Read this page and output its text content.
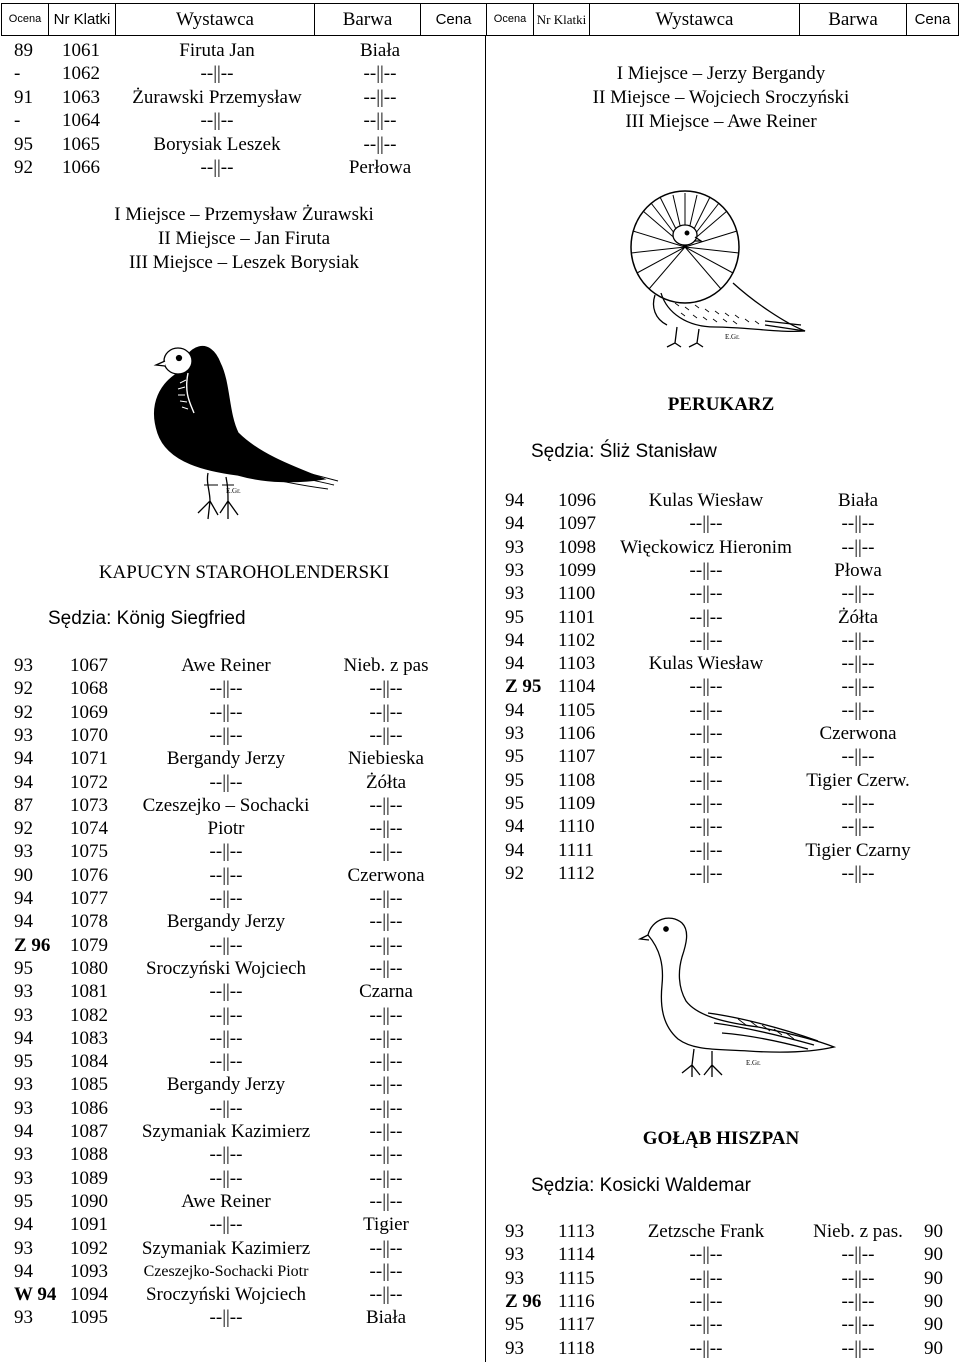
Ocena	Nr Klatki	Wystawca	Barwa	Cena	Ocena	Nr Klatki	Wystawca	Barwa	Cena
89 1061	Firuta Jan	Biała
- 1062	--||--	--||--
91 1063 Żurawski Przemysław	--||--
- 1064	--||--	--||--
95 1065	Borysiak Leszek	--||--
92 1066	--||--	Perłowa
I Miejsce – Przemysław Żurawski
II Miejsce – Jan Firuta
III Miejsce – Leszek Borysiak
I Miejsce – Jerzy Bergandy
II Miejsce – Wojciech Sroczyński
III Miejsce – Awe Reiner
E.Gr.
PERUKARZ
Sędzia: Śliż Stanisław
E.Gr.
KAPUCYN STAROHOLENDERSKI
Sędzia: König Siegfried
93 1067	Awe Reiner	Nieb. z pas
92 1068	--||--	--||--
92 1069	--||--	--||--
93 1070	--||--	--||--
94 1071	Bergandy Jerzy	Niebieska
94 1072	--||--	Żółta
87 1073 Czeszejko – Sochacki	--||--
92 1074	Piotr	--||--
93 1075	--||--	--||--
90 1076	--||--	Czerwona
94 1077	--||--	--||--
94 1078	Bergandy Jerzy	--||--
Z 96 1079	--||--	--||--
95 1080 Sroczyński Wojciech	--||--
93 1081	--||--	Czarna
93 1082	--||--	--||--
94 1083	--||--	--||--
95 1084	--||--	--||--
93 1085	Bergandy Jerzy	--||--
93 1086	--||--	--||--
94 1087 Szymaniak Kazimierz	--||--
93 1088	--||--	--||--
93 1089	--||--	--||--
95 1090	Awe Reiner	--||--
94 1091	--||--	Tigier
93 1092 Szymaniak Kazimierz	--||--
94 1093 Czeszejko-Sochacki Piotr	--||--
W 94 1094 Sroczyński Wojciech	--||--
93 1095	--||--	Biała
94 1096	Kulas Wiesław	Biała
94 1097	--||--	--||--
93 1098 Więckowicz Hieronim	--||--
93 1099	--||--	Płowa
93 1100	--||--	--||--
95 1101	--||--	Żółta
94 1102	--||--	--||--
94 1103	Kulas Wiesław	--||--
Z 95 1104	--||--	--||--
94 1105	--||--	--||--
93 1106	--||--	Czerwona
95 1107	--||--	--||--
95 1108	--||--	Tigier Czerw.
95 1109	--||--	--||--
94 1110	--||--	--||--
94 1111	--||--	Tigier Czarny
92 1112	--||--	--||--
E.Gr.
GOŁĄB HISZPAN
Sędzia: Kosicki Waldemar
93 1113	Zetzsche Frank	Nieb. z pas. 90
93 1114	--||--	--||--	90
93 1115	--||--	--||--	90
Z 96 1116	--||--	--||--	90
95 1117	--||--	--||--	90
93 1118	--||--	--||--	90
